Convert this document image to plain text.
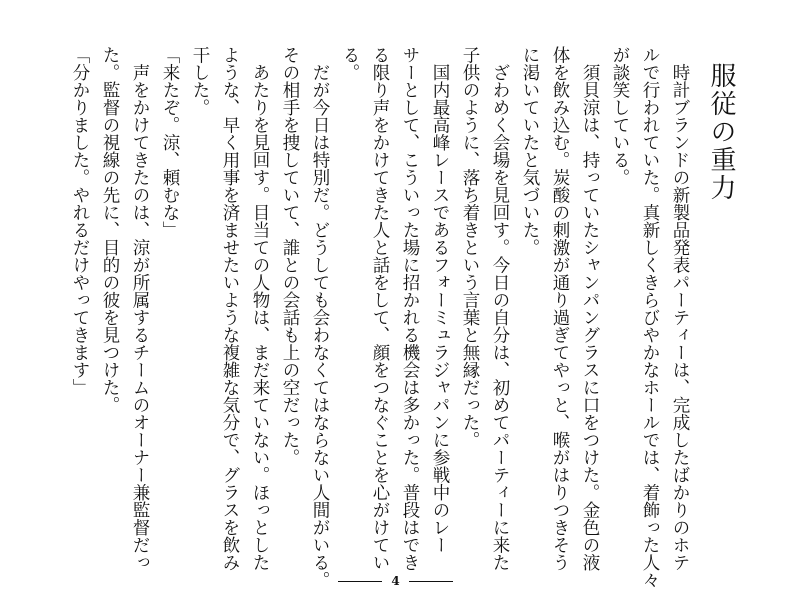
服従の重力
　時計ブランドの新製品発表パーティーは、完成したばかりのホテ
ルで行われていた。真新しくきらびやかなホールでは、着飾った人々
が談笑している。
　須貝涼は、持っていたシャンパングラスに口をつけた。金色の液
体を飲み込む。炭酸の刺激が通り過ぎてやっと、喉がはりつきそう
に渇いていたと気づいた。
　ざわめく会場を見回す。今日の自分は、初めてパーティーに来た
子供のように、落ち着きという言葉と無縁だった。
　国内最高峰レースであるフォーミュラジャパンに参戦中のレー
サーとして、こういった場に招かれる機会は多かった。普段はでき
る限り声をかけてきた人と話をして、顔をつなぐことを心がけてい
る。
　だが今日は特別だ。どうしても会わなくてはならない人間がいる。
その相手を捜していて、誰との会話も上の空だった。
　あたりを見回す。目当ての人物は、まだ来ていない。ほっとした
ような、早く用事を済ませたいような複雑な気分で、グラスを飲み
干した。
「来たぞ。涼、頼むな」
　声をかけてきたのは、涼が所属するチームのオーナー兼監督だっ
た。監督の視線の先に、目的の彼を見つけた。
「分かりました。やれるだけやってきます」
4
